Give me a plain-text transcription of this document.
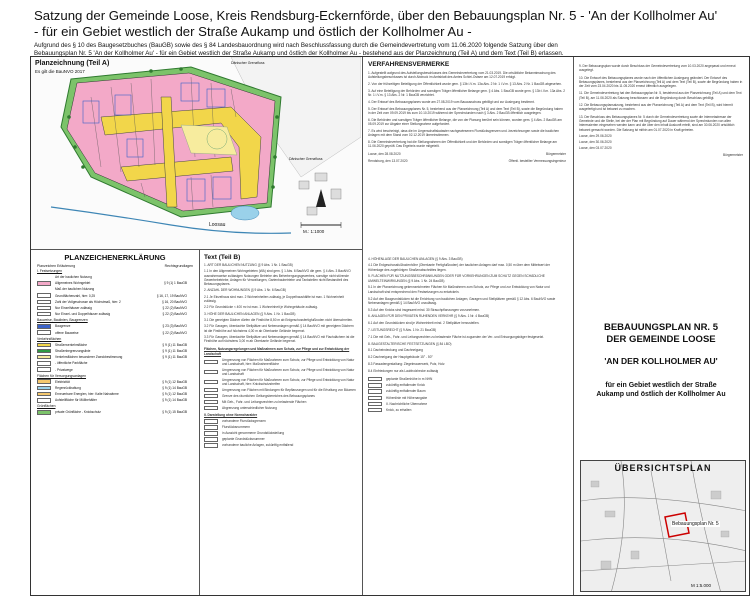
Satzung der Gemeinde Loose, Kreis Rendsburg-Eckernförde, über den Bebauungsplan Nr. 5 - 'An der Kollholmer Au'
- für ein Gebiet westlich der Straße Aukamp und östlich der Kollholmer Au -
Aufgrund des § 10 des Baugesetzbuches (BauGB) sowie des § 84 Landesbauordnung wird nach Beschlussfassung durch die Gemeindevertretung vom 11.06.2020 folgende Satzung über den
Bebauungsplan Nr. 5 'An der Kollholmer Au' - für ein Gebiet westlich der Straße Aukamp und östlich der Kollholmer Au - bestehend aus der Planzeichnung (Teil A) und dem Text (Teil B) erlassen.
Planzeichnung (Teil A)
Es gilt die BauNVO 2017
Loosau
M.: 1:1000
Dänischer Grenzfluss
Dänischer Grenzfluss
PLANZEICHENERKLÄRUNG
Planzeichen Erläuterung	Rechtsgrundlagen
I. Festsetzungen
Art der baulichen Nutzung
Allgemeines Wohngebiet	§ 9 (1) 1 BauGB
Maß der baulichen Nutzung
Grundflächenzahl, hier: 0,25	§ 16, 17, 19 BauNVO
Zahl der Vollgeschosse als Höchstmaß, hier: 2	§ 16, 20 BauNVO
Nur Einzelhäuser zulässig	§ 22 (2) BauNVO
Nur Einzel- und Doppelhäuser zulässig	§ 22 (2) BauNVO
Bauweise, Baulinien, Baugrenzen
Baugrenze	§ 23 (3) BauNVO
offene Bauweise	§ 22 (2) BauNVO
Verkehrsflächen
Straßenverkehrsfläche	§ 9 (1) 11 BauGB
Straßenbegrenzungslinie	§ 9 (1) 11 BauGB
Verkehrsflächen besonderer Zweckbestimmung	§ 9 (1) 11 BauGB
- öffentliche Parkfläche
- Privatwege
Flächen für Versorgungsanlagen
Elektrizität	§ 9 (1) 12 BauGB
Regenrückhaltung	§ 9 (1) 14 BauGB
Erneuerbare Energien, hier: Kalte Nahwärme	§ 9 (1) 12 BauGB
Aufstellfläche für Müllbehälter	§ 9 (1) 14 BauGB
Grünflächen
private Grünfläche - Knickschutz	§ 9 (1) 15 BauGB
Text (Teil B)
1. ART DER BAULICHEN NUTZUNG (§ 9 Abs. 1 Nr. 1 BauGB)
1.1 In den Allgemeinen Wohngebieten (WA) sind gem. § 1 Abs. 6 BauNVO die gem. § 4 Abs. 3 BauNVO ausnahmsweise zulässigen Nutzungen Betriebe des Beherbergungsgewerbes, sonstige nicht störende Gewerbebetriebe, Anlagen für Verwaltungen, Gartenbaubetriebe und Tankstellen nicht Bestandteil des Bebauungsplanes.
2. ANZAHL DER WOHNUNGEN (§ 9 Abs. 1 Nr. 6 BauGB)
2.1 Je Einzelhaus sind max. 2 Wohneinheiten zulässig, je Doppelhaushälfte ist max. 1 Wohneinheit zulässig.
2.2 Für Grundstücke < 400 m² ist max. 1 Wohneinheit je Wohngebäude zulässig.
3. HÖHE DER BAULICHEN ANLAGEN (§ 9 Abs. 1 Nr. 1 BauGB)
3.1 Die geneigten Dächer dürfen die Firsthöhe 8,50 m ab Erdgeschossfertigfußboden nicht überschreiten.
3.2 Für Garagen, überdachte Stellplätze und Nebenanlagen gemäß § 14 BauNVO mit geneigtem Dächern ist die Firsthöhe auf höchstens 4,00 m ab Oberkante Gelände begrenzt.
3.3 Für Garagen, überdachte Stellplätze und Nebenanlagen gemäß § 14 BauNVO mit Flachdächern ist die Firsthöhe auf höchstens 3,00 m ab Oberkante Gelände begrenzt.
Flächen, Nutzungsregelungen und Maßnahmen zum Schutz, zur Pflege und zur Entwicklung der Landschaft
Umgrenzung von Flächen für Maßnahmen zum Schutz, zur Pflege und Entwicklung von Natur und Landschaft, hier: Maßnahmenfläche
Umgrenzung von Flächen für Maßnahmen zum Schutz, zur Pflege und Entwicklung von Natur und Landschaft
Umgrenzung von Flächen für Maßnahmen zum Schutz, zur Pflege und Entwicklung von Natur und Landschaft, hier: Knickschutzstreifen
Umgrenzung von Flächen mit Bindungen für Bepflanzungen und für die Erhaltung von Bäumen
Grenze des räumlichen Geltungsbereiches des Bebauungsplanes
Mit Geh-, Fahr- und Leitungsrechten zu belastende Flächen
Abgrenzung unterschiedlicher Nutzung
II. Darstellung ohne Normcharakter
vorhandene Flurstücksgrenzen
Flurstücksnummern
in Aussicht genommene Grundstücksteilung
geplante Grundstücksnummer
vorhandene bauliche Anlagen, zukünftig entfallend
4. HÖHENLAGE DER BAULICHEN ANLAGEN (§ 9 Abs. 3 BauGB)
4.1 Die Erdgeschossfußbodenhöhe (Oberkante Fertigfußboden) der baulichen Anlagen darf max. 0,50 m über dem Mittelwert der Höhenlage des zugehörigen Straßenabschnittes liegen.
5. FLÄCHEN FÜR NUTZUNGSBESCHRÄNKUNGEN ODER FÜR VORKEHRUNGEN ZUM SCHUTZ GEGEN SCHÄDLICHE UMWELTEINWIRKUNGEN (§ 9 Abs. 1 Nr. 24 BauGB)
5.1 In der Planzeichnung gekennzeichneten Flächen für Maßnahmen zum Schutz, zur Pflege und zur Entwicklung von Natur und Landschaft sind entsprechend den Festsetzungen zu entwickeln.
5.2 Auf den Baugrundstücken ist die Errichtung von baulichen Anlagen, Garagen und Stellplätzen gemäß § 12 Abs. 6 BauNVO sowie Nebenanlagen gemäß § 14 BauNVO unzulässig.
5.3 Auf den Knicks sind insgesamt mind. 30 Strauchpflanzungen vorzunehmen.
6. ANLAGEN FÜR DEN PRIVATEN RUHENDEN VERKEHR (§ 9 Abs. 1 Nr. 4 BauGB)
6.1 Auf den Grundstücken sind je Wohneinheit mind. 2 Stellplätze herzustellen.
7. LEITUNGSRECHT (§ 9 Abs. 1 Nr. 21 BauGB)
7.1 Die mit Geh-, Fahr- und Leitungsrechten zu belastende Fläche ist zugunsten der Ver- und Entsorgungsträger festgesetzt.
8. BAUGESTALTERISCHE FESTSETZUNGEN (§ 84 LBO)
8.1 Dacheindeckung und Dachneigung
8.2 Dachneigung der Hauptgebäude 15° - 50°
8.3 Fassadengestaltung: Ziegelmauerwerk, Putz, Holz
8.4 Einfriedungen nur als Laubholzhecke zulässig
geplante Straßenhöhe in m NHN
zukünftig entfallender Knick
zukünftig entfallender Baum
Höhenlinie mit Höhenangabe
II. Nachrichtliche Übernahme
Knick, zu erhalten
VERFAHRENSVERMERKE
1. Aufgestellt aufgrund des Aufstellungsbeschlusses des Gemeindevertretung vom 21.03.2019. Die ortsübliche Bekanntmachung des Aufstellungsbeschlusses ist durch Abdruck im Amtsblatt des Amtes Schlei-Ostsee am 12.07.2019 erfolgt.
2. Von der frühzeitigen Beteiligung der Öffentlichkeit wurde gem. § 13b i.V.m. 13a Abs. 2 Nr. 1 i.V.m. § 13 Abs. 2 Nr. 1 BauGB abgesehen.
3. Auf eine Beteiligung der Behörden und sonstigen Träger öffentlicher Belange gem. § 4 Abs. 1 BauGB wurde gem. § 13b i.V.m. 13a Abs. 2 Nr. 1 i.V.m. § 13 Abs. 2 Nr. 1 BauGB verzichtet.
4. Der Entwurf des Bebauungsplanes wurde am 27.08.2019 vom Bauausschuss gebilligt und zur Auslegung bestimmt.
5. Der Entwurf des Bebauungsplanes Nr. 5, bestehend aus der Planzeichnung (Teil A) und dem Text (Teil B), sowie die Begründung haben in der Zeit vom 09.09.2019 bis zum 10.10.2019 während der Sprechstunden nach § 3 Abs. 2 BauGB öffentlich ausgelegen.
6. Die Behörden und sonstigen Träger öffentlicher Belange, die von der Planung berührt sein können, wurden gem. § 4 Abs. 2 BauGB am 05.09.2019 zur Abgabe einer Stellungnahme aufgefordert.
7. Es wird bescheinigt, dass die im Liegenschaftskataster nachgewiesenen Flurstücksgrenzen und -bezeichnungen sowie die baulichen Anlagen mit dem Stand vom 02.12.2019 übereinstimmen.
8. Die Gemeindevertretung hat die Stellungnahmen der Öffentlichkeit und der Behörden und sonstigen Träger öffentlicher Belange am 11.06.2020 geprüft. Das Ergebnis wurde mitgeteilt.
Loose, den 28.08.2020	Bürgermeister
Rendsburg, den 13.07.2020	Öffentl. bestellter Vermessungsingenieur
9. Der Bebauungsplan wurde durch Beschluss der Gemeindevertretung vom 10.03.2020 angepasst und erneut ausgelegt.
10. Die Entwurf des Bebauungsplanes wurde nach der öffentlichen Auslegung geändert. Der Entwurf des Bebauungsplanes, bestehend aus der Planzeichnung (Teil A) und dem Text (Teil B), sowie die Begründung haben in der Zeit vom 23.04.2020 bis 11.05.2020 erneut öffentlich ausgelegen.
11. Die Gemeindevertretung hat den Bebauungsplan Nr. 5, bestehend aus der Planzeichnung (Teil A) und dem Text (Teil B), am 11.06.2020 als Satzung beschlossen und die Begründung durch Beschluss gebilligt.
12. Die Bebauungsplansatzung, bestehend aus der Planzeichnung (Teil A) und dem Text (Teil B), wird hiermit ausgefertigt und ist bekannt zu machen.
13. Der Beschluss des Bebauungsplanes Nr. 5 durch die Gemeindevertretung sowie die Internetadresse der Gemeinde und die Stelle, bei der der Plan mit Begründung auf Dauer während der Sprechstunden von allen Interessierten eingesehen werden kann und die über den Inhalt Auskunft erteilt, sind am 30.06.2020 ortsüblich bekannt gemacht worden. Die Satzung ist mithin am 01.07.2020 in Kraft getreten.
Loose, den 29.06.2020
Loose, den 30.06.2020
Loose, den 03.07.2020
Bürgermeister
BEBAUUNGSPLAN NR. 5
DER GEMEINDE LOOSE
'AN DER KOLLHOLMER AU'
für ein Gebiet westlich der Straße
Aukamp und östlich der Kollholmer Au
ÜBERSICHTSPLAN
Bebauungsplan Nr. 5
M 1:5.000
